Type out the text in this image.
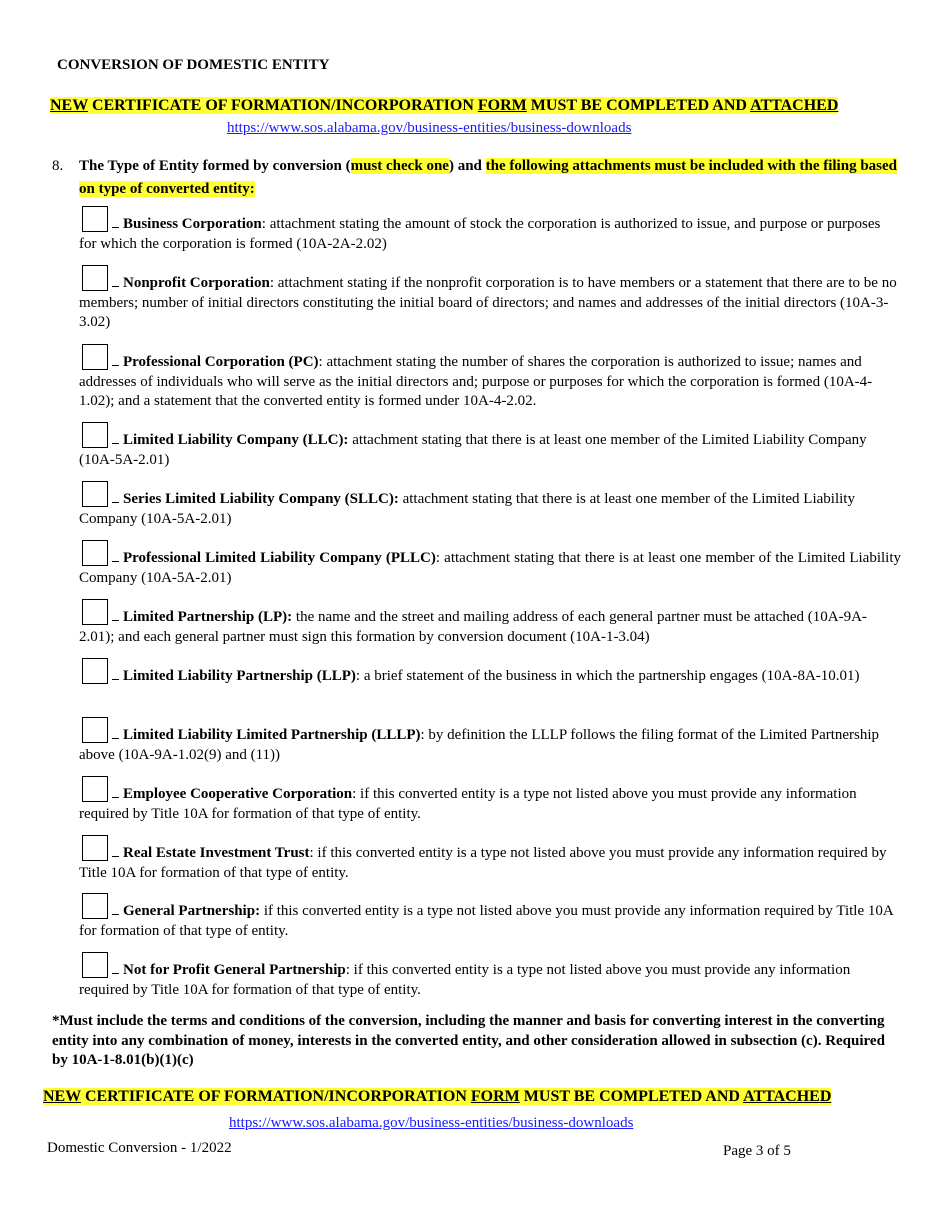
CONVERSION OF DOMESTIC ENTITY
NEW CERTIFICATE OF FORMATION/INCORPORATION FORM MUST BE COMPLETED AND ATTACHED
https://www.sos.alabama.gov/business-entities/business-downloads
8. The Type of Entity formed by conversion (must check one) and the following attachments must be included with the filing based on type of converted entity:
Business Corporation: attachment stating the amount of stock the corporation is authorized to issue, and purpose or purposes for which the corporation is formed (10A-2A-2.02)
Nonprofit Corporation: attachment stating if the nonprofit corporation is to have members or a statement that there are to be no members; number of initial directors constituting the initial board of directors; and names and addresses of the initial directors (10A-3-3.02)
Professional Corporation (PC): attachment stating the number of shares the corporation is authorized to issue; names and addresses of individuals who will serve as the initial directors and; purpose or purposes for which the corporation is formed (10A-4-1.02); and a statement that the converted entity is formed under 10A-4-2.02.
Limited Liability Company (LLC): attachment stating that there is at least one member of the Limited Liability Company (10A-5A-2.01)
Series Limited Liability Company (SLLC): attachment stating that there is at least one member of the Limited Liability Company (10A-5A-2.01)
Professional Limited Liability Company (PLLC): attachment stating that there is at least one member of the Limited Liability Company (10A-5A-2.01)
Limited Partnership (LP): the name and the street and mailing address of each general partner must be attached (10A-9A-2.01); and each general partner must sign this formation by conversion document (10A-1-3.04)
Limited Liability Partnership (LLP): a brief statement of the business in which the partnership engages (10A-8A-10.01)
Limited Liability Limited Partnership (LLLP): by definition the LLLP follows the filing format of the Limited Partnership above (10A-9A-1.02(9) and (11))
Employee Cooperative Corporation: if this converted entity is a type not listed above you must provide any information required by Title 10A for formation of that type of entity.
Real Estate Investment Trust: if this converted entity is a type not listed above you must provide any information required by Title 10A for formation of that type of entity.
General Partnership: if this converted entity is a type not listed above you must provide any information required by Title 10A for formation of that type of entity.
Not for Profit General Partnership: if this converted entity is a type not listed above you must provide any information required by Title 10A for formation of that type of entity.
*Must include the terms and conditions of the conversion, including the manner and basis for converting interest in the converting entity into any combination of money, interests in the converted entity, and other consideration allowed in subsection (c). Required by 10A-1-8.01(b)(1)(c)
NEW CERTIFICATE OF FORMATION/INCORPORATION FORM MUST BE COMPLETED AND ATTACHED
https://www.sos.alabama.gov/business-entities/business-downloads
Domestic Conversion - 1/2022	Page 3 of 5
